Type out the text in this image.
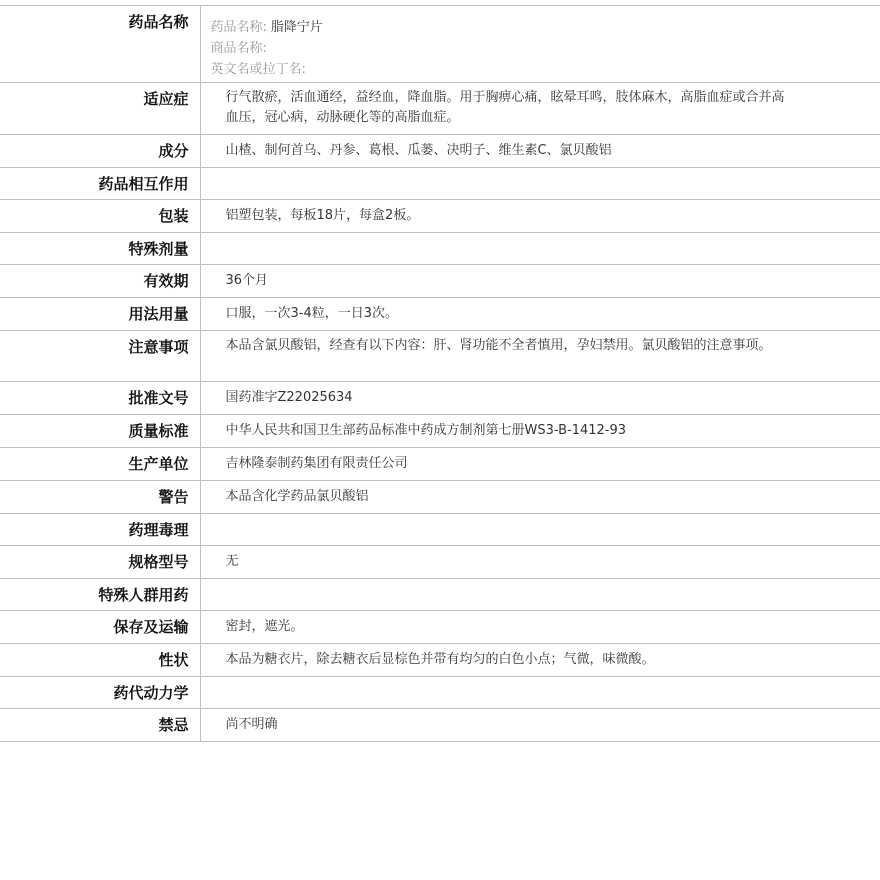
药品名称	药品名称: 脂降宁片
商品名称:
英文名或拉丁名:

适应症	行气散瘀，活血通经，益经血，降血脂。用于胸痹心痛，眩晕耳鸣，肢体麻木，高脂血症或合并高血压，冠心病，动脉硬化等的高脂血症。
成分	山楂、制何首乌、丹参、葛根、瓜蒌、决明子、维生素C、氯贝酸铝
药品相互作用	
包装	铝塑包装，每板18片，每盒2板。
特殊剂量	
有效期	36个月
用法用量	口服，一次3-4粒，一日3次。
注意事项	本品含氯贝酸铝，经查有以下内容：肝、肾功能不全者慎用，孕妇禁用。氯贝酸铝的注意事项。
批准文号	国药准字Z22025634
质量标准	中华人民共和国卫生部药品标准中药成方制剂第七册WS3-B-1412-93
生产单位	吉林隆泰制药集团有限责任公司
警告	本品含化学药品氯贝酸铝
药理毒理	
规格型号	无
特殊人群用药	
保存及运输	密封，遮光。
性状	本品为糖衣片，除去糖衣后显棕色并带有均匀的白色小点；气微，味微酸。
药代动力学	
禁忌	尚不明确
